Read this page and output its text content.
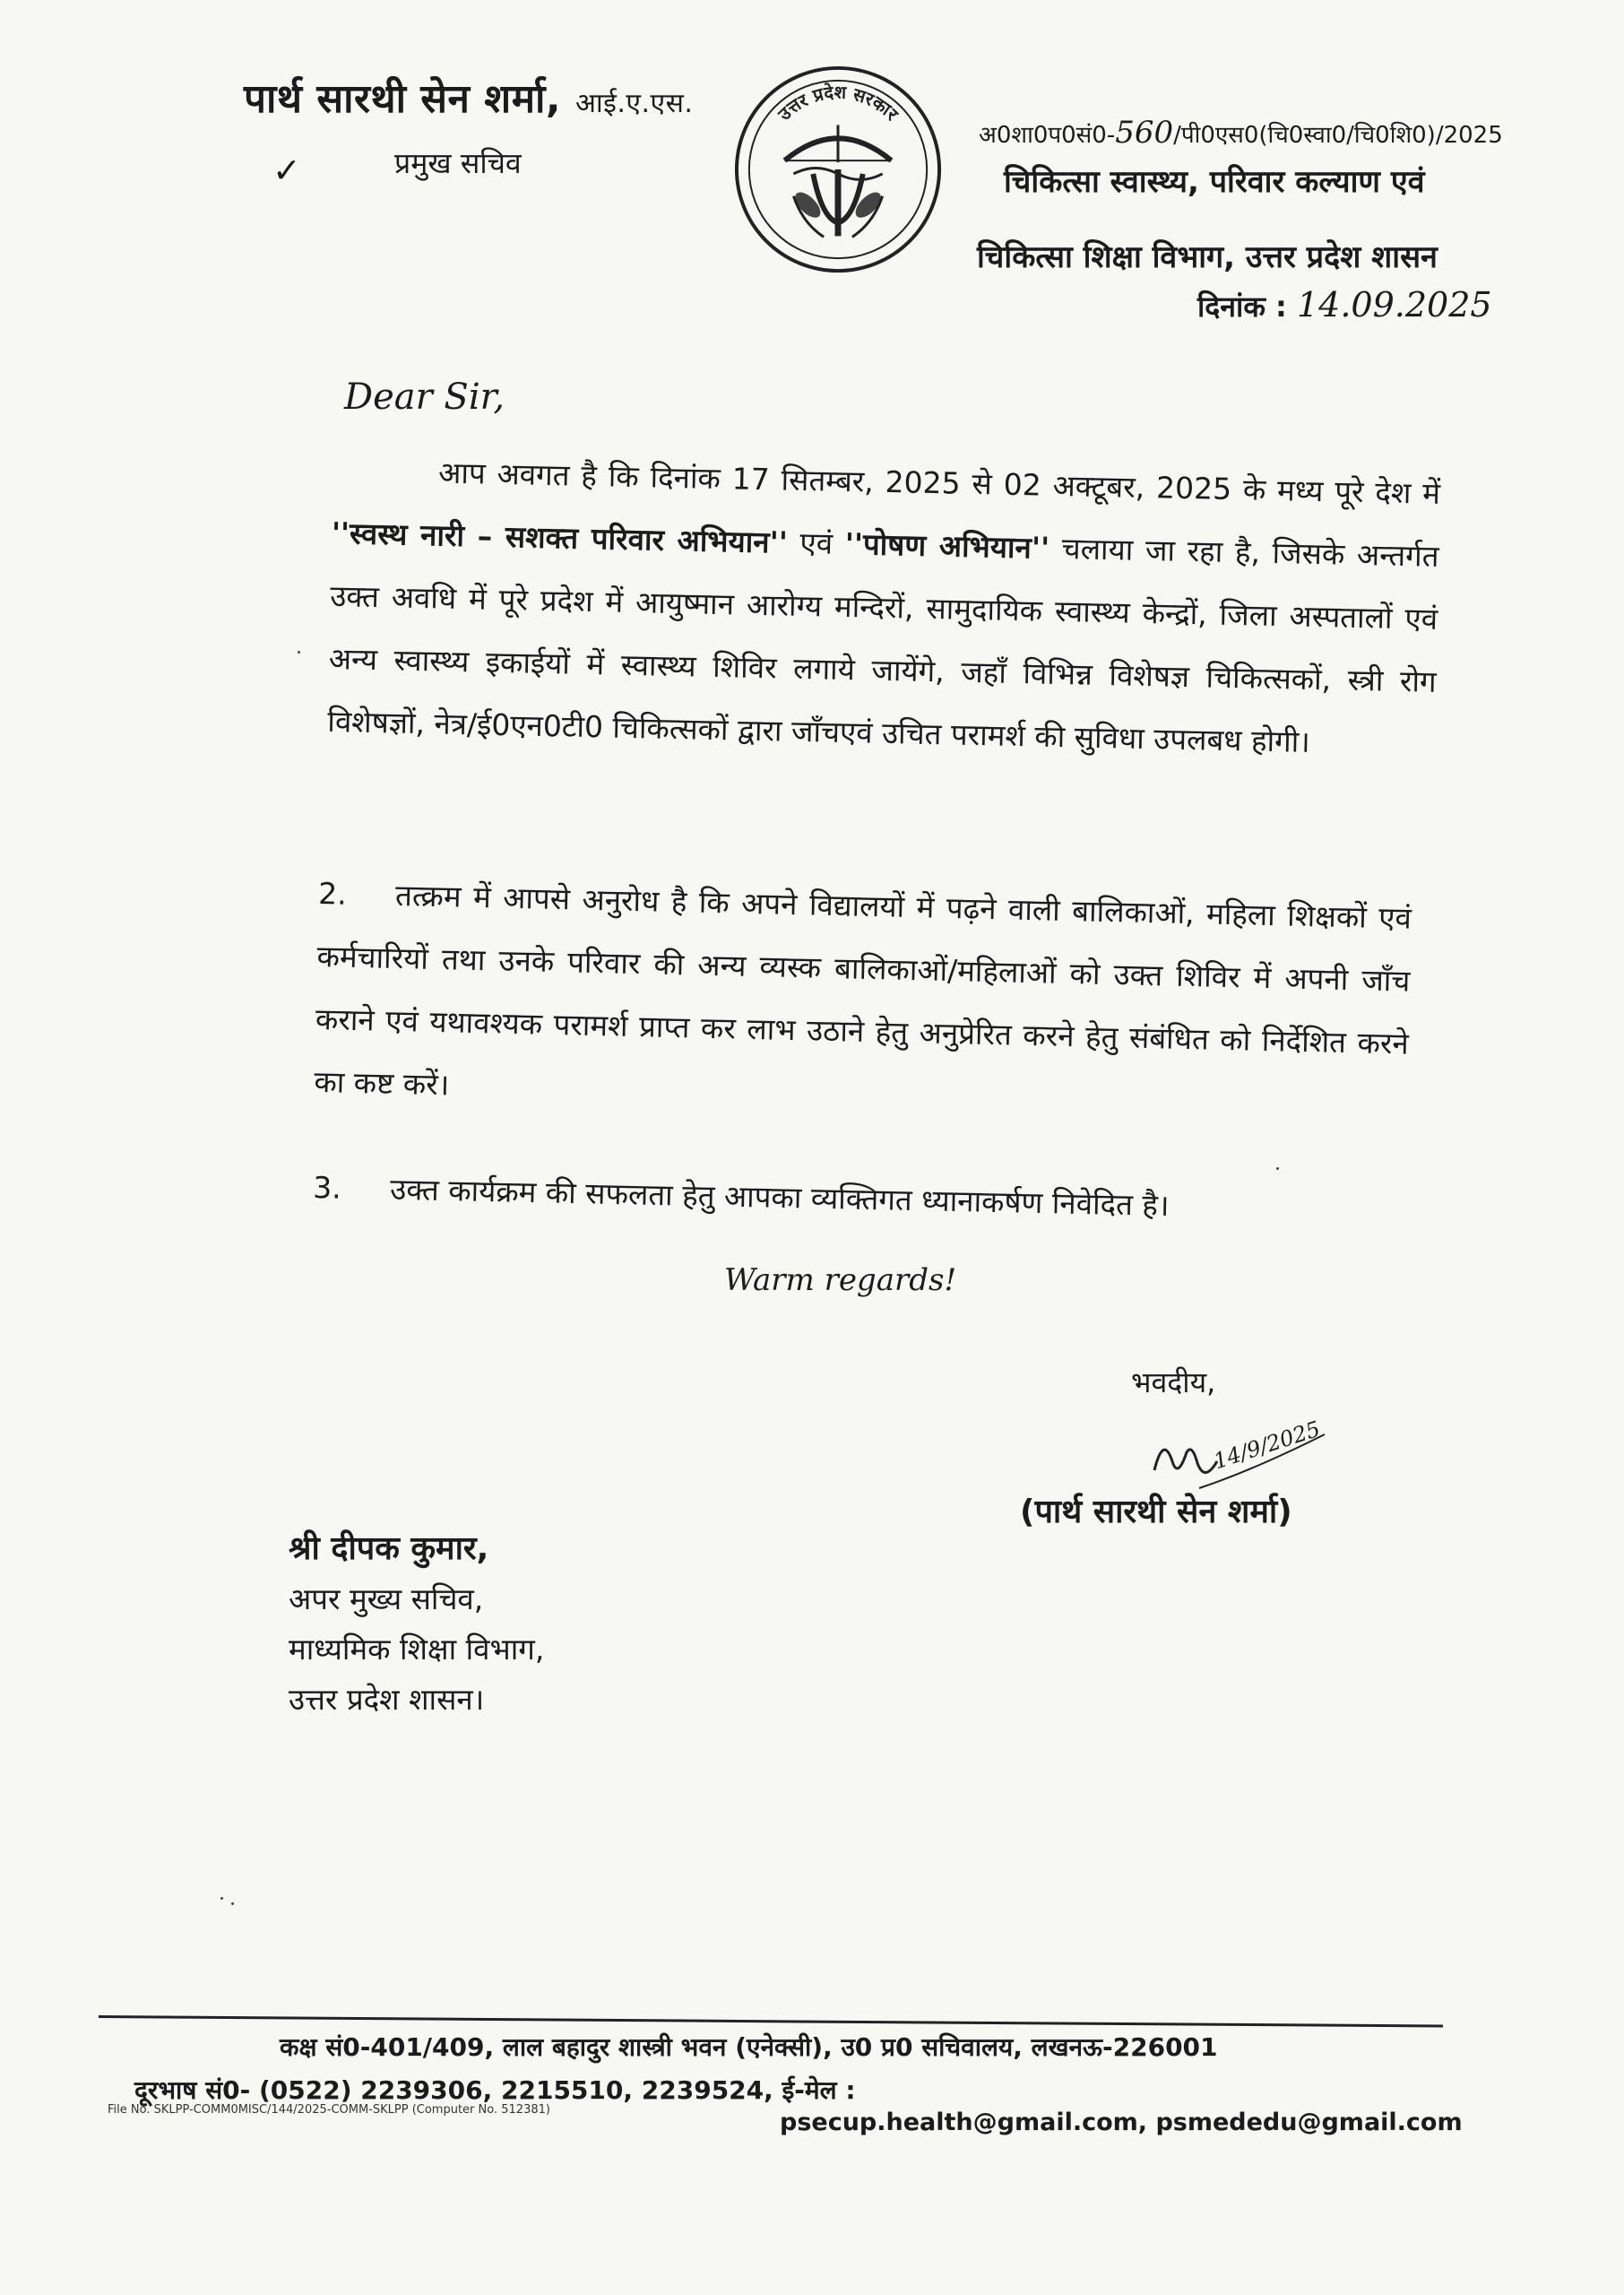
पार्थ सारथी सेन शर्मा, आई.ए.एस.
✓	प्रमुख सचिव
उत्तर प्रदेश सरकार
अ0शा0प0सं0-560/पी0एस0(चि0स्वा0/चि0शि0)/2025
चिकित्सा स्वास्थ्य, परिवार कल्याण एवं
चिकित्सा शिक्षा विभाग, उत्तर प्रदेश शासन
दिनांक : 14.09.2025
Dear Sir,

आप अवगत है कि दिनांक 17 सितम्बर, 2025 से 02 अक्टूबर, 2025 के मध्य पूरे देश में ''स्वस्थ नारी – सशक्त परिवार अभियान'' एवं ''पोषण अभियान'' चलाया जा रहा है, जिसके अन्तर्गत उक्त अवधि में पूरे प्रदेश में आयुष्मान आरोग्य मन्दिरों, सामुदायिक स्वास्थ्य केन्द्रों, जिला अस्पतालों एवं अन्य स्वास्थ्य इकाईयों में स्वास्थ्य शिविर लगाये जायेंगे, जहाँ विभिन्न विशेषज्ञ चिकित्सकों, स्त्री रोग विशेषज्ञों, नेत्र/ई0एन0टी0 चिकित्सकों द्वारा जाँचएवं उचित परामर्श की सुविधा उपलबध होगी।

2. तत्क्रम में आपसे अनुरोध है कि अपने विद्यालयों में पढ़ने वाली बालिकाओं, महिला शिक्षकों एवं कर्मचारियों तथा उनके परिवार की अन्य व्यस्क बालिकाओं/महिलाओं को उक्त शिविर में अपनी जाँच कराने एवं यथावश्यक परामर्श प्राप्त कर लाभ उठाने हेतु अनुप्रेरित करने हेतु संबंधित को निर्देशित करने का कष्ट करें।

3. उक्त कार्यक्रम की सफलता हेतु आपका व्यक्तिगत ध्यानाकर्षण निवेदित है।

Warm regards!
भवदीय,
14/9/2025
(पार्थ सारथी सेन शर्मा)
श्री दीपक कुमार,
अपर मुख्य सचिव,
माध्यमिक शिक्षा विभाग,
उत्तर प्रदेश शासन।
कक्ष सं0-401/409, लाल बहादुर शास्त्री भवन (एनेक्सी), उ0 प्र0 सचिवालय, लखनऊ-226001
दूरभाष सं0- (0522) 2239306, 2215510, 2239524, ई-मेल :
File No. SKLPP-COMM0MISC/144/2025-COMM-SKLPP (Computer No. 512381)	psecup.health@gmail.com, psmededu@gmail.com
